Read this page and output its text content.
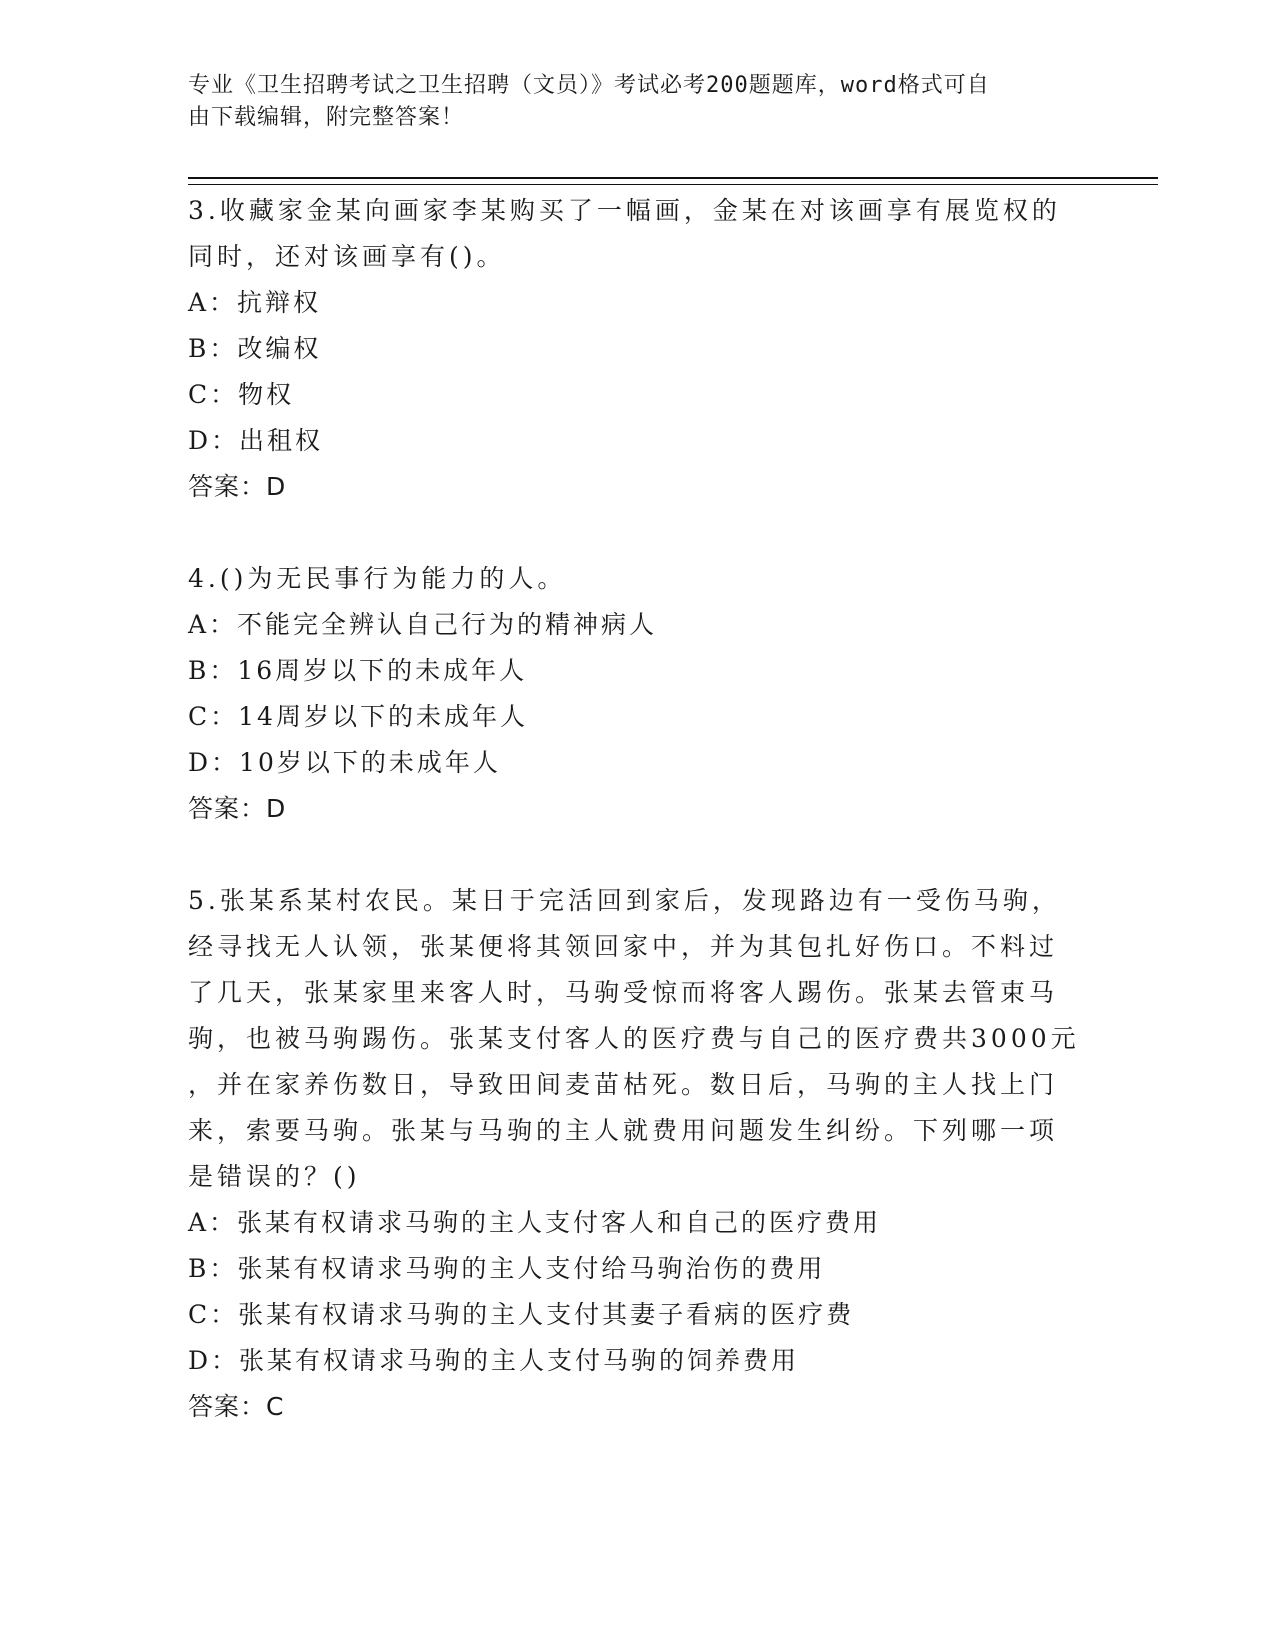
专业《卫生招聘考试之卫生招聘（文员）》考试必考200题题库，word格式可自
由下载编辑，附完整答案！
3.收藏家金某向画家李某购买了一幅画，金某在对该画享有展览权的
同时，还对该画享有()。
A：抗辩权
B：改编权
C：物权
D：出租权
答案：D
4.()为无民事行为能力的人。
A：不能完全辨认自己行为的精神病人
B：16周岁以下的未成年人
C：14周岁以下的未成年人
D：10岁以下的未成年人
答案：D
5.张某系某村农民。某日于完活回到家后，发现路边有一受伤马驹，
经寻找无人认领，张某便将其领回家中，并为其包扎好伤口。不料过
了几天，张某家里来客人时，马驹受惊而将客人踢伤。张某去管束马
驹，也被马驹踢伤。张某支付客人的医疗费与自己的医疗费共3000元
，并在家养伤数日，导致田间麦苗枯死。数日后，马驹的主人找上门
来，索要马驹。张某与马驹的主人就费用问题发生纠纷。下列哪一项
是错误的？()
A：张某有权请求马驹的主人支付客人和自己的医疗费用
B：张某有权请求马驹的主人支付给马驹治伤的费用
C：张某有权请求马驹的主人支付其妻子看病的医疗费
D：张某有权请求马驹的主人支付马驹的饲养费用
答案：C
